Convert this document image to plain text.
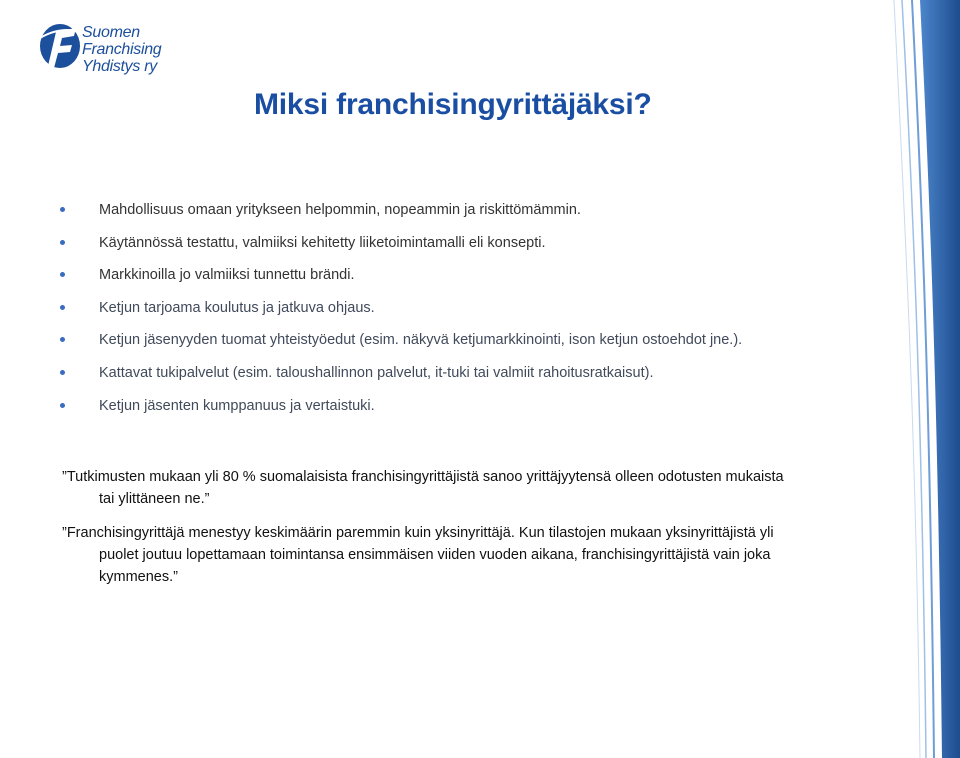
Suomen
Franchising
Yhdistys ry
Miksi franchisingyrittäjäksi?
Mahdollisuus omaan yritykseen helpommin, nopeammin ja riskittömämmin.
Käytännössä testattu, valmiiksi kehitetty liiketoimintamalli eli konsepti.
Markkinoilla jo valmiiksi tunnettu brändi.
Ketjun tarjoama koulutus ja jatkuva ohjaus.
Ketjun jäsenyyden tuomat yhteistyöedut (esim. näkyvä ketjumarkkinointi, ison ketjun ostoehdot jne.).
Kattavat tukipalvelut (esim. taloushallinnon palvelut, it-tuki tai valmiit rahoitusratkaisut).
Ketjun jäsenten kumppanuus ja vertaistuki.

”Tutkimusten mukaan yli 80 % suomalaisista franchisingyrittäjistä sanoo yrittäjyytensä olleen odotusten mukaista
tai ylittäneen ne.”

”Franchisingyrittäjä menestyy keskimäärin paremmin kuin yksinyrittäjä. Kun tilastojen mukaan yksinyrittäjistä yli
puolet joutuu lopettamaan toimintansa ensimmäisen viiden vuoden aikana, franchisingyrittäjistä vain joka
kymmenes.”

www.franchising.fi
